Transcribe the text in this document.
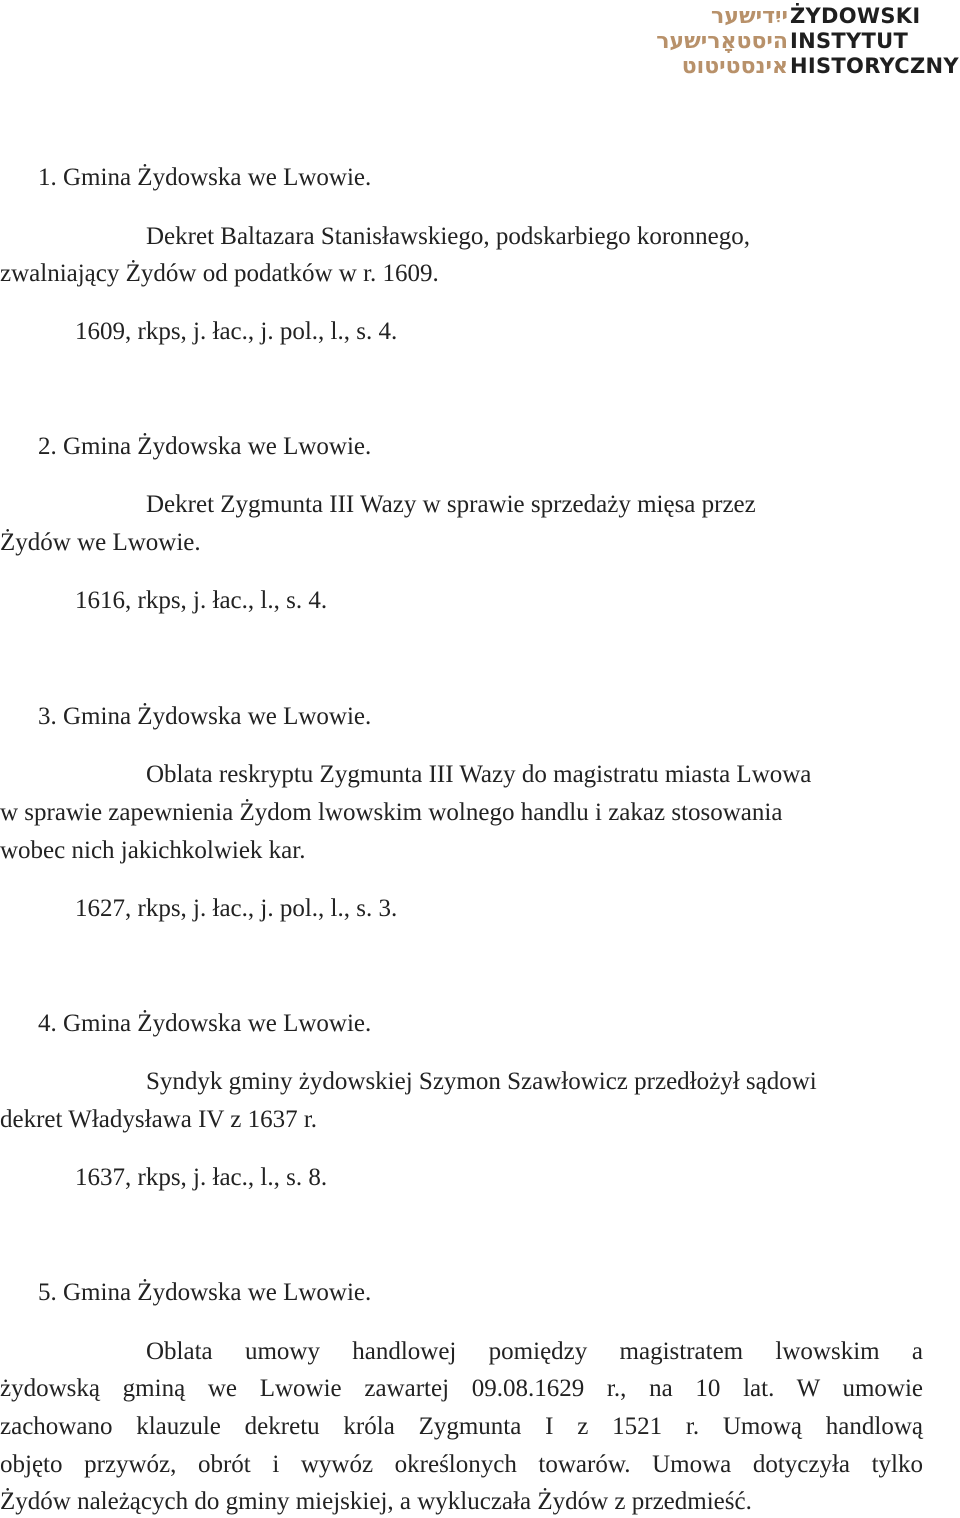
ייִדישער
היסטאָרישער
אינסטיטוט
ŻYDOWSKI
INSTYTUT
HISTORYCZNY
1. Gmina Żydowska we Lwowie.
Dekret Baltazara Stanisławskiego, podskarbiego koronnego,
zwalniający Żydów od podatków w r. 1609.
1609, rkps, j. łac., j. pol., l., s. 4.
2. Gmina Żydowska we Lwowie.
Dekret Zygmunta III Wazy w sprawie sprzedaży mięsa przez
Żydów we Lwowie.
1616, rkps, j. łac., l., s. 4.
3. Gmina Żydowska we Lwowie.
Oblata reskryptu Zygmunta III Wazy do magistratu miasta Lwowa
w sprawie zapewnienia Żydom lwowskim wolnego handlu i zakaz stosowania
wobec nich jakichkolwiek kar.
1627, rkps, j. łac., j. pol., l., s. 3.
4. Gmina Żydowska we Lwowie.
Syndyk gminy żydowskiej Szymon Szawłowicz przedłożył sądowi
dekret Władysława IV z 1637 r.
1637, rkps, j. łac., l., s. 8.
5. Gmina Żydowska we Lwowie.
Oblata umowy handlowej pomiędzy magistratem lwowskim a
żydowską gminą we Lwowie zawartej 09.08.1629 r., na 10 lat. W umowie
zachowano klauzule dekretu króla Zygmunta I z 1521 r. Umową handlową
objęto przywóz, obrót i wywóz określonych towarów. Umowa dotyczyła tylko
Żydów należących do gminy miejskiej, a wykluczała Żydów z przedmieść.
